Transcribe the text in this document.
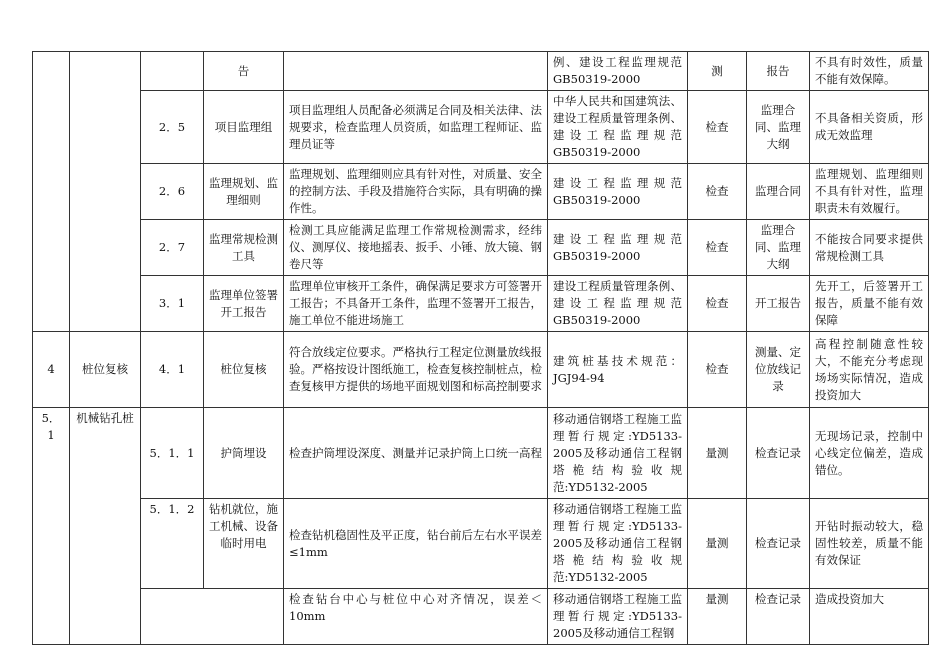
			告		例、建设工程监理规范GB50319-2000	测	报告	不具有时效性，质量不能有效保障。
		2．5	项目监理组	项目监理组人员配备必须满足合同及相关法律、法规要求，检查监理人员资质，如监理工程师证、监理员证等	中华人民共和国建筑法、建设工程质量管理条例、建设工程监理规范GB50319-2000	检查	监理合同、监理大纲	不具备相关资质，形成无效监理
		2．6	监理规划、监理细则	监理规划、监理细则应具有针对性，对质量、安全的控制方法、手段及措施符合实际，具有明确的操作性。	建设工程监理规范GB50319-2000	检查	监理合同	监理规划、监理细则不具有针对性，监理职责未有效履行。
		2．7	监理常规检测工具	检测工具应能满足监理工作常规检测需求，经纬仪、测厚仪、接地摇表、扳手、小锤、放大镜、钢卷尺等	建设工程监理规范GB50319-2000	检查	监理合同、监理大纲	不能按合同要求提供常规检测工具
		3．1	监理单位签署开工报告	监理单位审核开工条件，确保满足要求方可签署开工报告；不具备开工条件，监理不签署开工报告，施工单位不能进场施工	建设工程质量管理条例、建设工程监理规范GB50319-2000	检查	开工报告	先开工，后签署开工报告，质量不能有效保障
4	桩位复核	4．1	桩位复核	符合放线定位要求。严格执行工程定位测量放线报验。严格按设计图纸施工，检查复核控制桩点，检查复核甲方提供的场地平面规划图和标高控制要求	建筑桩基技术规范：JGJ94-94	检查	测量、定位放线记录	高程控制随意性较大，不能充分考虑现场场实际情况，造成投资加大
5．1	机械钻孔桩	5．1．1	护筒埋设	检查护筒埋设深度、测量并记录护筒上口统一高程	移动通信钢塔工程施工监理暂行规定:YD5133-2005及移动通信工程钢塔桅结构验收规范:YD5132-2005	量测	检查记录	无现场记录，控制中心线定位偏差，造成错位。
		5．1．2	钻机就位，施工机械、设备临时用电	检查钻机稳固性及平正度，钻台前后左右水平误差≤1mm	移动通信钢塔工程施工监理暂行规定:YD5133-2005及移动通信工程钢塔桅结构验收规范:YD5132-2005	量测	检查记录	开钻时振动较大，稳固性较差，质量不能有效保证
				检查钻台中心与桩位中心对齐情况，误差＜10mm	移动通信钢塔工程施工监理暂行规定:YD5133-2005及移动通信工程钢	量测	检查记录	造成投资加大
